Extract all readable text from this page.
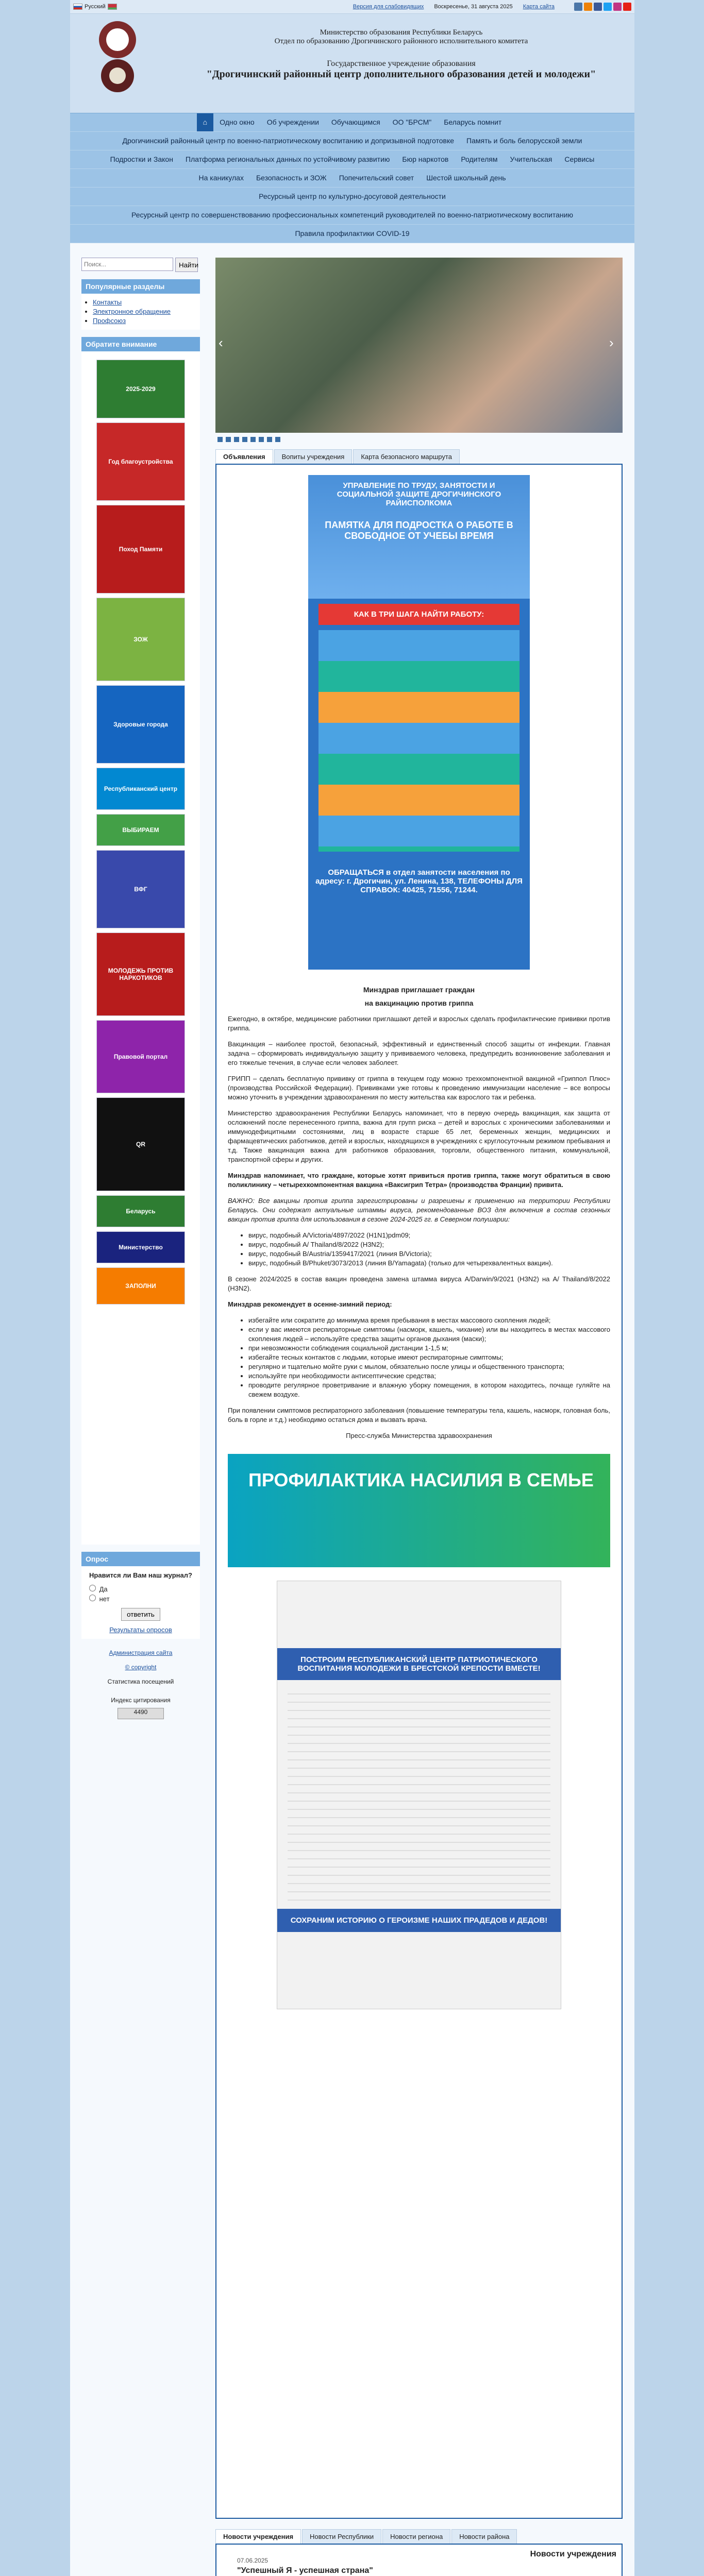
Русский	Версия для слабовидящих Воскресенье, 31 августа 2025 Карта сайта
Министерство образования Республики Беларусь
Отдел по образованию Дрогичинского районного исполнительного комитета
Государственное учреждение образования
"Дрогичинский районный центр дополнительного образования детей и молодежи"
⌂	Одно окно	Об учреждении	Обучающимся	ОО "БРСМ"	Беларусь помнит
Дрогичинский районный центр по военно-патриотическому воспитанию и допризывной подготовке	Память и боль белорусской земли
Подростки и Закон	Платформа региональных данных по устойчивому развитию	Бюр наркотов	Родителям	Учительская	Сервисы
На каникулах	Безопасность и ЗОЖ	Попечительский совет	Шестой школьный день
Ресурсный центр по культурно-досуговой деятельности
Ресурсный центр по совершенствованию профессиональных компетенций руководителей по военно-патриотическому воспитанию
Правила профилактики COVID-19
Поиск...
Найти
Популярные разделы
• Контакты
• Электронное обращение
• Профсоюз
Обратите внимание
2025-2029
Год благоустройства
Поход Памяти
ЗОЖ
Здоровые города
Республиканский центр
ВЫБИРАЕМ
ВФГ
МОЛОДЕЖЬ ПРОТИВ НАРКОТИКОВ
Правовой портал
QR
Беларусь
Министерство
ЗАПОЛНИ
Опрос
Нравится ли Вам наш журнал?
Да
нет
ответить
Результаты опросов
Администрация сайта
© copyright
Статистика посещений
Индекс цитирования
4490
‹	›
Объявления	Вопиты учреждения	Карта безопасного маршрута
УПРАВЛЕНИЕ ПО ТРУДУ, ЗАНЯТОСТИ И СОЦИАЛЬНОЙ ЗАЩИТЕ ДРОГИЧИНСКОГО РАЙИСПОЛКОМА
ПАМЯТКА ДЛЯ ПОДРОСТКА О РАБОТЕ В СВОБОДНОЕ ОТ УЧЕБЫ ВРЕМЯ
КАК В ТРИ ШАГА НАЙТИ РАБОТУ:
ОБРАЩАТЬСЯ в отдел занятости населения по адресу: г. Дрогичин, ул. Ленина, 138, ТЕЛЕФОНЫ ДЛЯ СПРАВОК: 40425, 71556, 71244.
Минздрав приглашает граждан
на вакцинацию против гриппа

Ежегодно, в октябре, медицинские работники приглашают детей и взрослых сделать профилактические прививки против гриппа.

Вакцинация – наиболее простой, безопасный, эффективный и единственный способ защиты от инфекции. Главная задача – сформировать индивидуальную защиту у прививаемого человека, предупредить возникновение заболевания и его тяжелые течения, в случае если человек заболеет.

ГРИПП – сделать бесплатную прививку от гриппа в текущем году можно трехкомпонентной вакциной «Гриппол Плюс» (производства Российской Федерации). Прививками уже готовы к проведению иммунизации население – все вопросы можно уточнить в учреждении здравоохранения по месту жительства как взрослого так и ребенка.

Министерство здравоохранения Республики Беларусь напоминает, что в первую очередь вакцинация, как защита от осложнений после перенесенного гриппа, важна для групп риска – детей и взрослых с хроническими заболеваниями и иммунодефицитными состояниями, лиц в возрасте старше 65 лет, беременных женщин, медицинских и фармацевтических работников, детей и взрослых, находящихся в учреждениях с круглосуточным режимом пребывания и т.д. Также вакцинация важна для работников образования, торговли, общественного питания, коммунальной, транспортной сферы и других.

Минздрав напоминает, что граждане, которые хотят привиться против гриппа, также могут обратиться в свою поликлинику – четырехкомпонентная вакцина «Ваксигрип Тетра» (производства Франции) привита.

ВАЖНО: Все вакцины против гриппа зарегистрированы и разрешены к применению на территории Республики Беларусь. Они содержат актуальные штаммы вируса, рекомендованные ВОЗ для включения в состав сезонных вакцин против гриппа для использования в сезоне 2024-2025 гг. в Северном полушарии:

• вирус, подобный A/Victoria/4897/2022 (H1N1)pdm09;
• вирус, подобный A/ Thailand/8/2022 (H3N2);
• вирус, подобный B/Austria/1359417/2021 (линия B/Victoria);
• вирус, подобный B/Phuket/3073/2013 (линия B/Yamagata) (только для четырехвалентных вакцин).

В сезоне 2024/2025 в состав вакцин проведена замена штамма вируса A/Darwin/9/2021 (H3N2) на A/ Thailand/8/2022 (H3N2).

Минздрав рекомендует в осенне-зимний период:

• избегайте или сократите до минимума время пребывания в местах массового скопления людей;
• если у вас имеются респираторные симптомы (насморк, кашель, чихание) или вы находитесь в местах массового скопления людей – используйте средства защиты органов дыхания (маски);
• при невозможности соблюдения социальной дистанции 1-1,5 м;
• избегайте тесных контактов с людьми, которые имеют респираторные симптомы;
• регулярно и тщательно мойте руки с мылом, обязательно после улицы и общественного транспорта;
• используйте при необходимости антисептические средства;
• проводите регулярное проветривание и влажную уборку помещения, в котором находитесь, почаще гуляйте на свежем воздухе.

При появлении симптомов респираторного заболевания (повышение температуры тела, кашель, насморк, головная боль, боль в горле и т.д.) необходимо остаться дома и вызвать врача.

Пресс-служба Министерства здравоохранения

ПРОФИЛАКТИКА НАСИЛИЯ В СЕМЬЕ
ПОСТРОИМ РЕСПУБЛИКАНСКИЙ ЦЕНТР ПАТРИОТИЧЕСКОГО ВОСПИТАНИЯ МОЛОДЕЖИ В БРЕСТСКОЙ КРЕПОСТИ ВМЕСТЕ!
СОХРАНИМ ИСТОРИЮ О ГЕРОИЗМЕ НАШИХ ПРАДЕДОВ И ДЕДОВ!
Новости учреждения	Новости Республики	Новости региона	Новости района
Новости учреждения
07.06.2025
"Успешный Я - успешная страна"
